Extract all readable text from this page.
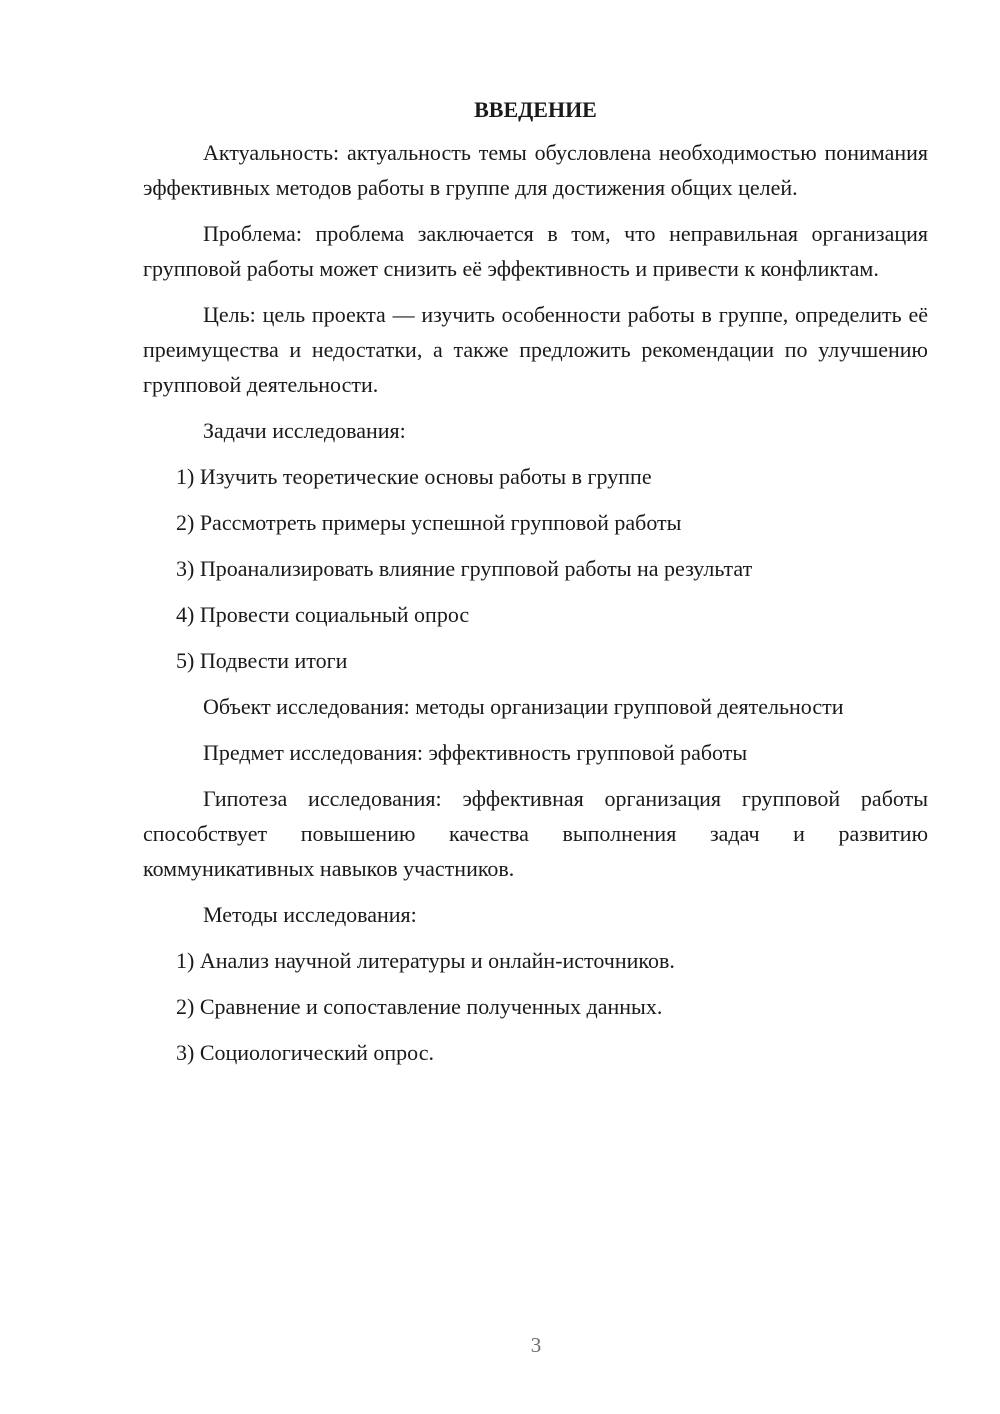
ВВЕДЕНИЕ
Актуальность: актуальность темы обусловлена необходимостью понимания эффективных методов работы в группе для достижения общих целей.
Проблема: проблема заключается в том, что неправильная организация групповой работы может снизить её эффективность и привести к конфликтам.
Цель: цель проекта — изучить особенности работы в группе, определить её преимущества и недостатки, а также предложить рекомендации по улучшению групповой деятельности.
Задачи исследования:
1) Изучить теоретические основы работы в группе
2) Рассмотреть примеры успешной групповой работы
3) Проанализировать влияние групповой работы на результат
4) Провести социальный опрос
5) Подвести итоги
Объект исследования: методы организации групповой деятельности
Предмет исследования: эффективность групповой работы
Гипотеза исследования: эффективная организация групповой работы способствует повышению качества выполнения задач и развитию коммуникативных навыков участников.
Методы исследования:
1) Анализ научной литературы и онлайн-источников.
2) Сравнение и сопоставление полученных данных.
3) Социологический опрос.
3
